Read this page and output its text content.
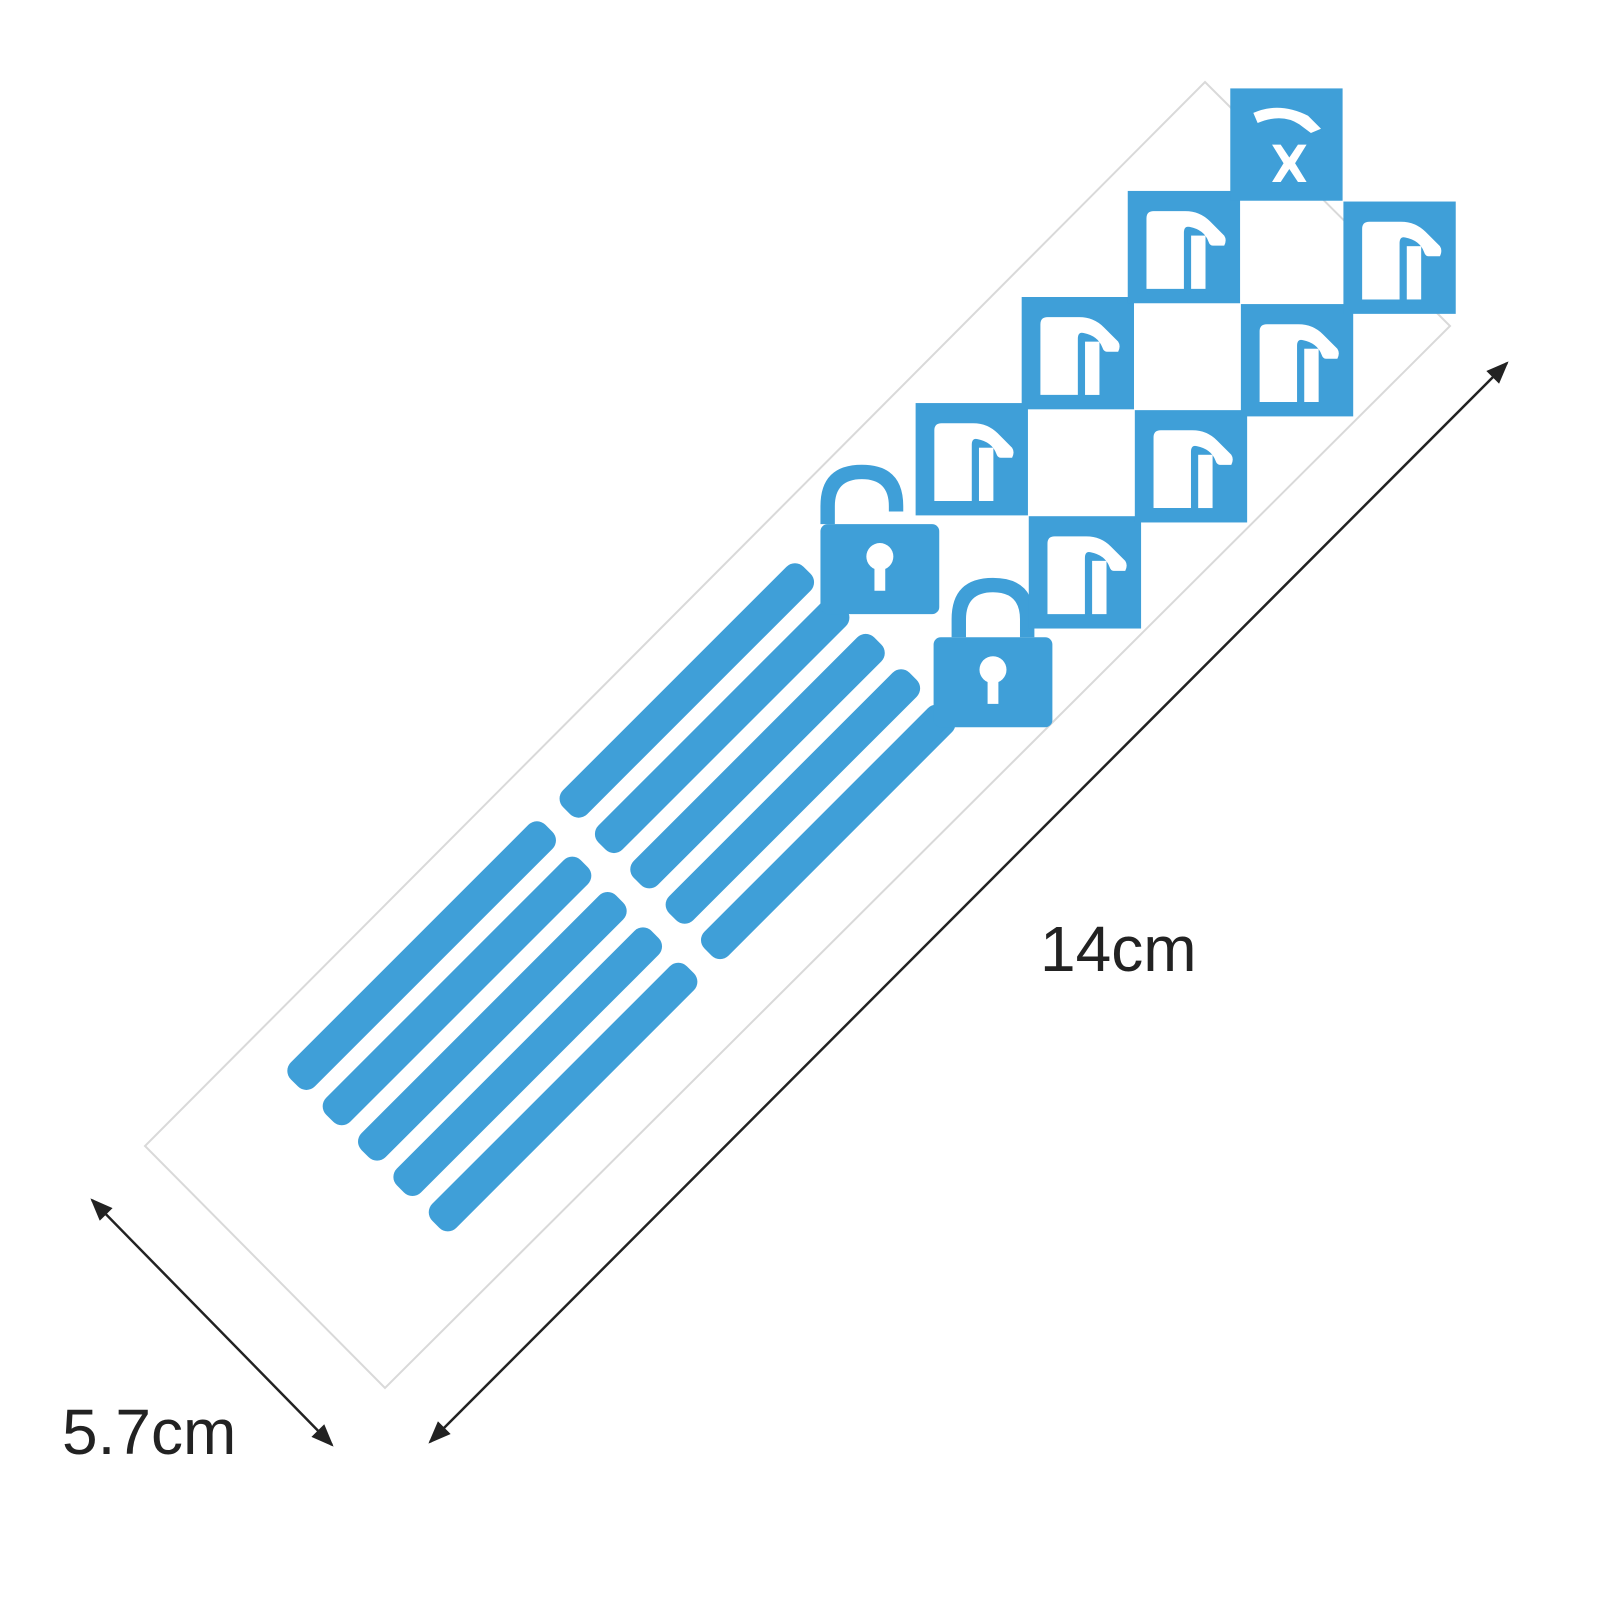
14cm
5.7cm
